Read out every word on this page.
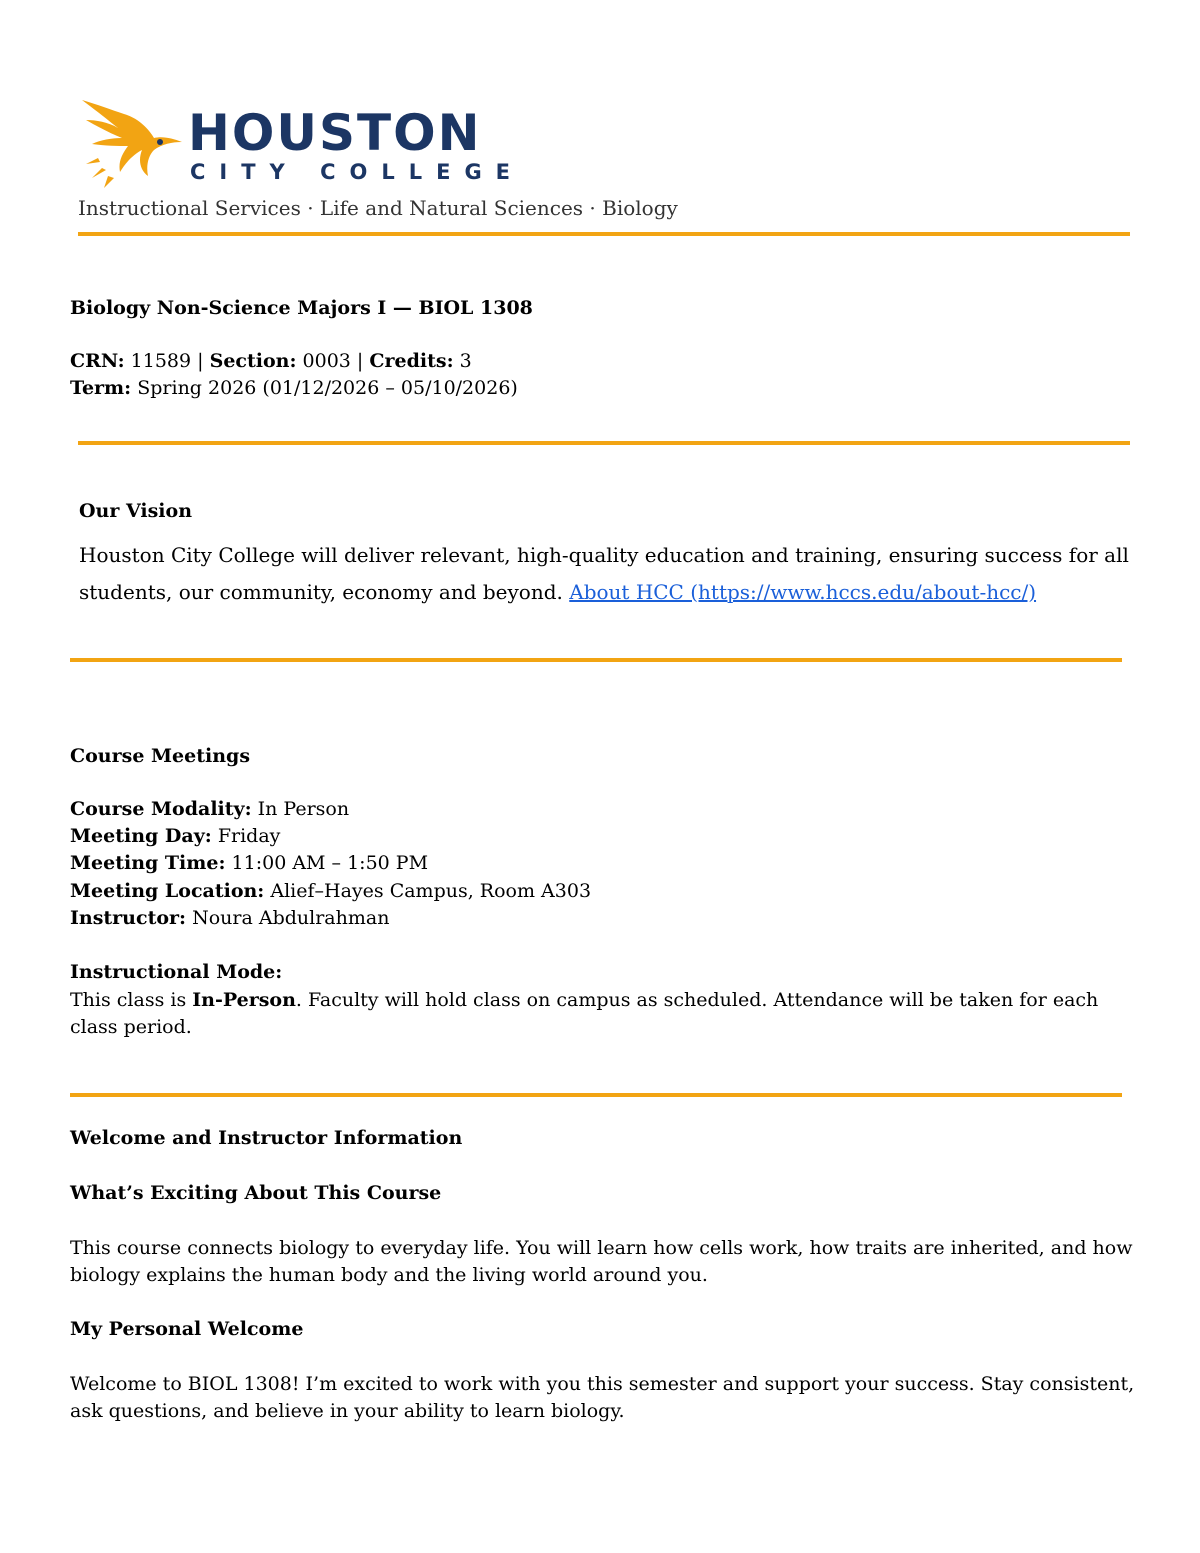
HOUSTON
CITY COLLEGE
Instructional Services · Life and Natural Sciences · Biology
Biology Non-Science Majors I — BIOL 1308
CRN: 11589 | Section: 0003 | Credits: 3
Term: Spring 2026 (01/12/2026 – 05/10/2026)
Our Vision
Houston City College will deliver relevant, high-quality education and training, ensuring success for all students, our community, economy and beyond. About HCC (https://www.hccs.edu/about-hcc/)
Course Meetings
Course Modality: In Person
Meeting Day: Friday
Meeting Time: 11:00 AM – 1:50 PM
Meeting Location: Alief–Hayes Campus, Room A303
Instructor: Noura Abdulrahman
Instructional Mode:
This class is In-Person. Faculty will hold class on campus as scheduled. Attendance will be taken for each class period.
Welcome and Instructor Information
What’s Exciting About This Course
This course connects biology to everyday life. You will learn how cells work, how traits are inherited, and how biology explains the human body and the living world around you.
My Personal Welcome
Welcome to BIOL 1308! I’m excited to work with you this semester and support your success. Stay consistent, ask questions, and believe in your ability to learn biology.
